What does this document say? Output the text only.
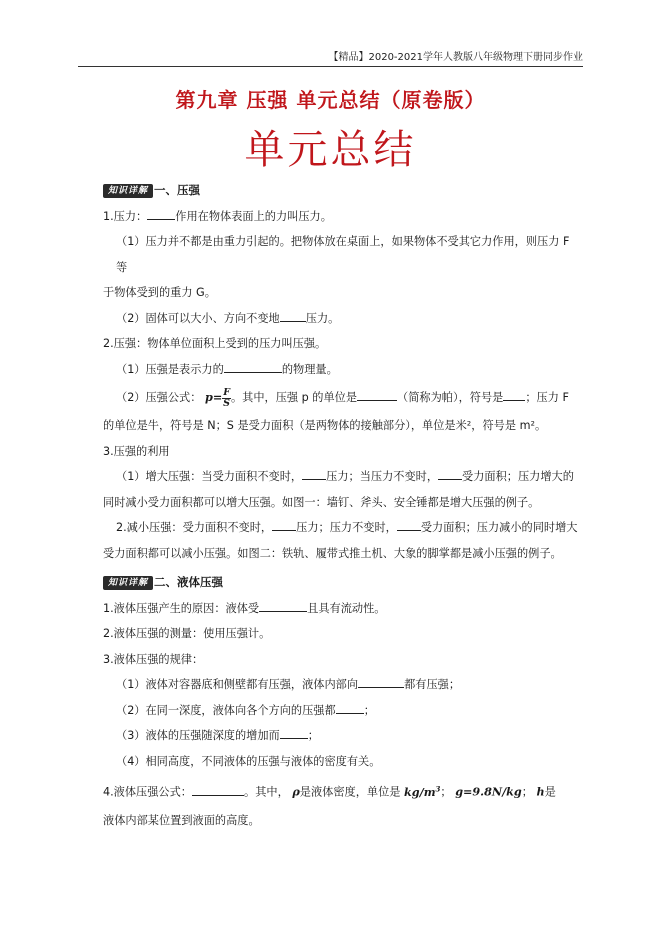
【精品】2020-2021学年人教版八年级物理下册同步作业
第九章 压强 单元总结（原卷版）
单元总结
知识详解 一、压强

1.压力：	作用在物体表面上的力叫压力。

（1）压力并不都是由重力引起的。把物体放在桌面上，如果物体不受其它力作用，则压力 F 等

于物体受到的重力 G。

（2）固体可以大小、方向不变地 压力。

2.压强：物体单位面积上受到的压力叫压强。

（1）压强是表示力的	的物理量。

（2）压强公式： $p= \frac{F}{S}$ 。其中，压强 p 的单位是	（简称为帕），符号是 ；压力 F

的单位是牛，符号是 N；S 是受力面积（是两物体的接触部分），单位是米²，符号是 m²。

3.压强的利用

（1）增大压强：当受力面积不变时， 压力；当压力不变时， 受力面积；压力增大的

同时减小受力面积都可以增大压强。如图一：墙钉、斧头、安全锤都是增大压强的例子。

2.减小压强：受力面积不变时， 压力；压力不变时， 受力面积；压力减小的同时增大

受力面积都可以减小压强。如图二：铁轨、履带式推土机、大象的脚掌都是减小压强的例子。

知识详解 二、液体压强

1.液体压强产生的原因：液体受	且具有流动性。

2.液体压强的测量：使用压强计。

3.液体压强的规律：

（1）液体对容器底和侧壁都有压强，液体内部向	都有压强；

（2）在同一深度，液体向各个方向的压强都	；

（3）液体的压强随深度的增加而	；

（4）相同高度，不同液体的压强与液体的密度有关。

4.液体压强公式：	。其中， ρ是液体密度，单位是 $kg/m^3$； g=9.8N/kg； h是

液体内部某位置到液面的高度。
